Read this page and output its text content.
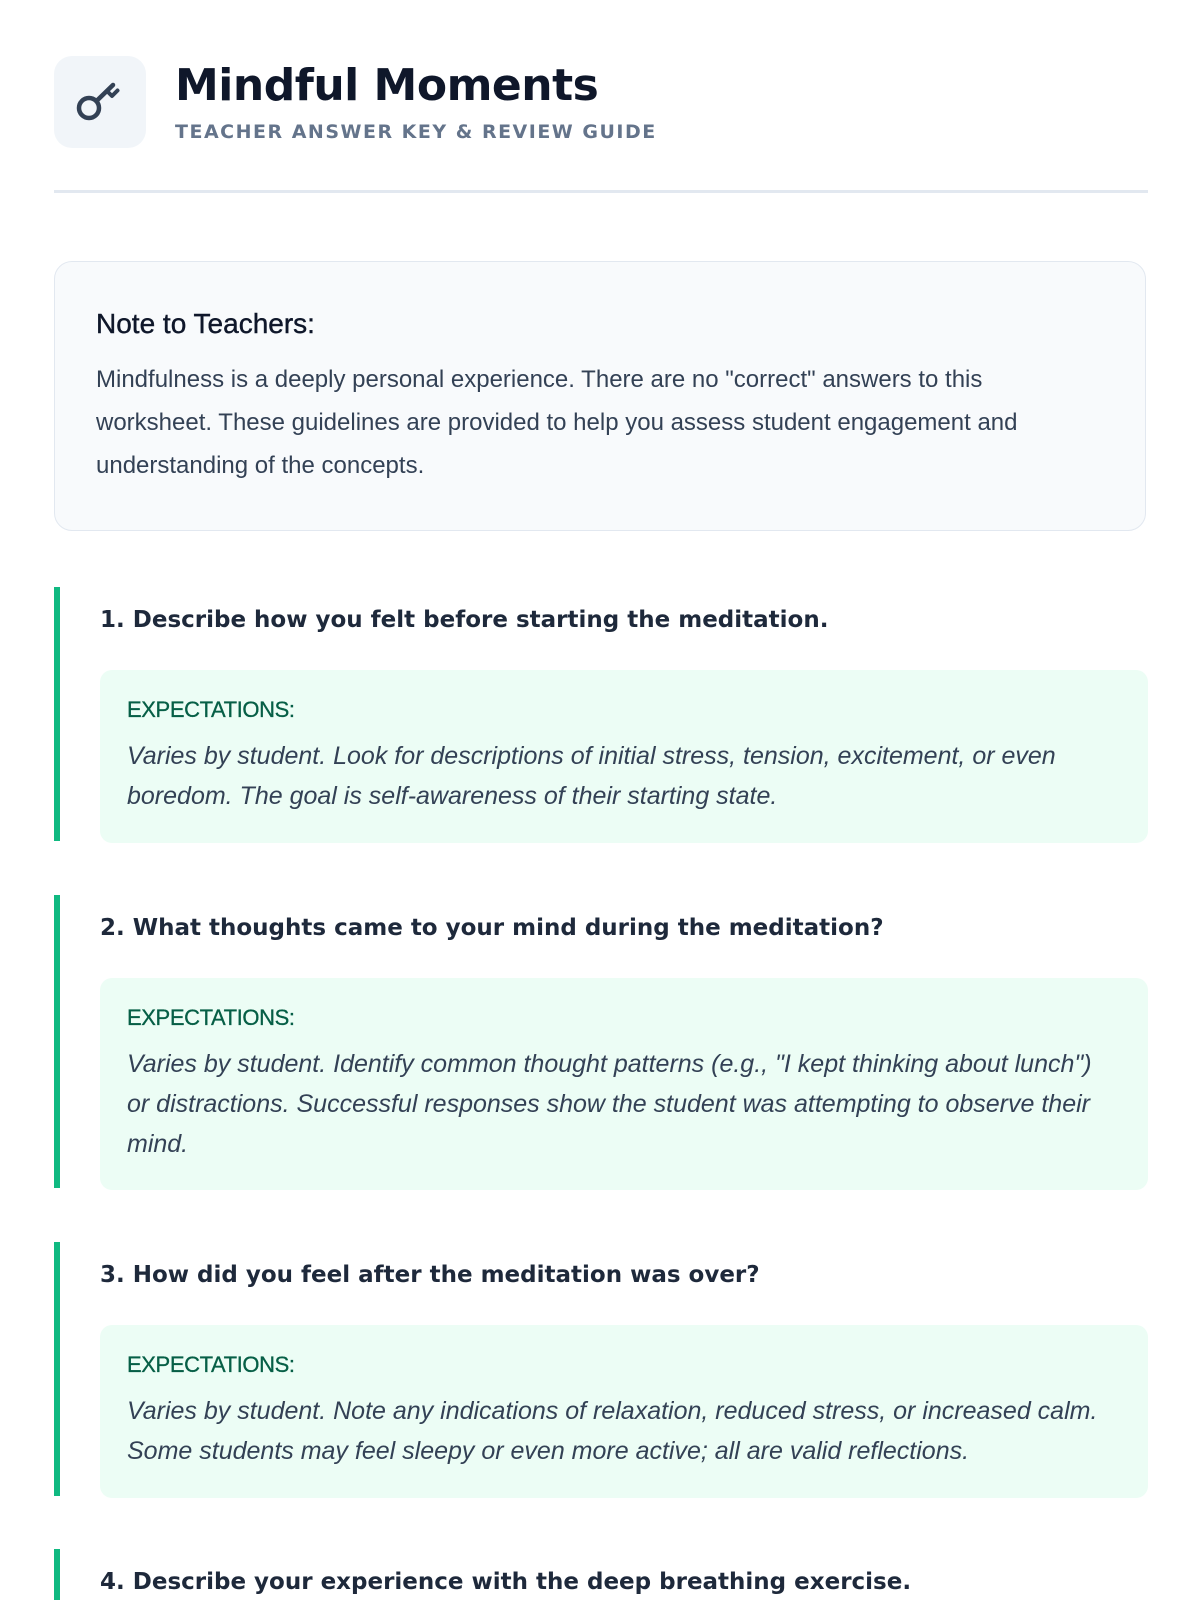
Mindful Moments
TEACHER ANSWER KEY & REVIEW GUIDE
Note to Teachers:

Mindfulness is a deeply personal experience. There are no "correct" answers to this worksheet. These guidelines are provided to help you assess student engagement and understanding of the concepts.

1. Describe how you felt before starting the meditation.

EXPECTATIONS:

Varies by student. Look for descriptions of initial stress, tension, excitement, or even boredom. The goal is self-awareness of their starting state.

2. What thoughts came to your mind during the meditation?

EXPECTATIONS:

Varies by student. Identify common thought patterns (e.g., "I kept thinking about lunch") or distractions. Successful responses show the student was attempting to observe their mind.

3. How did you feel after the meditation was over?

EXPECTATIONS:

Varies by student. Note any indications of relaxation, reduced stress, or increased calm. Some students may feel sleepy or even more active; all are valid reflections.

4. Describe your experience with the deep breathing exercise.
